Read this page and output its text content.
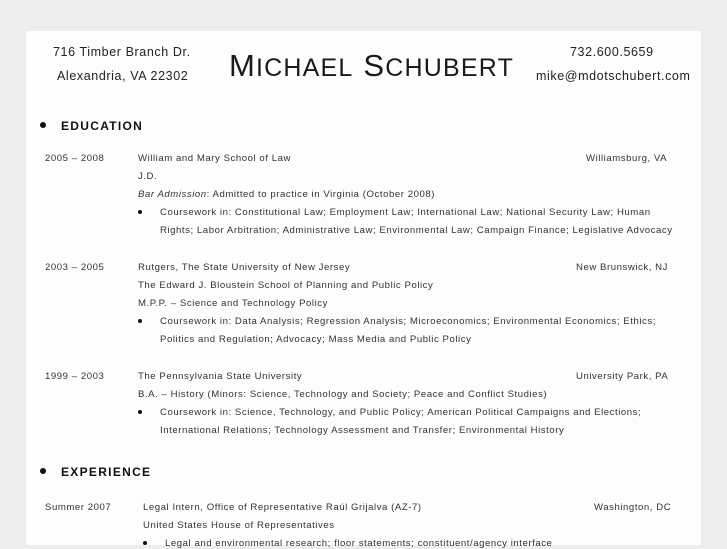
716 Timber Branch Dr.
Alexandria, VA 22302 MICHAEL SCHUBERT
732.600.5659
mike@mdotschubert.com
EDUCATION
2005 – 2008	William and Mary School of Law	Williamsburg, VA
J.D.
Bar Admission: Admitted to practice in Virginia (October 2008)
Coursework in: Constitutional Law; Employment Law; International Law; National Security Law; Human
Rights; Labor Arbitration; Administrative Law; Environmental Law; Campaign Finance; Legislative Advocacy
2003 – 2005	Rutgers, The State University of New Jersey	New Brunswick, NJ
The Edward J. Bloustein School of Planning and Public Policy
M.P.P. – Science and Technology Policy
Coursework in: Data Analysis; Regression Analysis; Microeconomics; Environmental Economics; Ethics;
Politics and Regulation; Advocacy; Mass Media and Public Policy
1999 – 2003	The Pennsylvania State University	University Park, PA
B.A. – History (Minors: Science, Technology and Society; Peace and Conflict Studies)
Coursework in: Science, Technology, and Public Policy; American Political Campaigns and Elections;
International Relations; Technology Assessment and Transfer; Environmental History
EXPERIENCE
Summer 2007	Legal Intern, Office of Representative Raúl Grijalva (AZ-7)	Washington, DC
United States House of Representatives
Legal and environmental research; floor statements; constituent/agency interface
